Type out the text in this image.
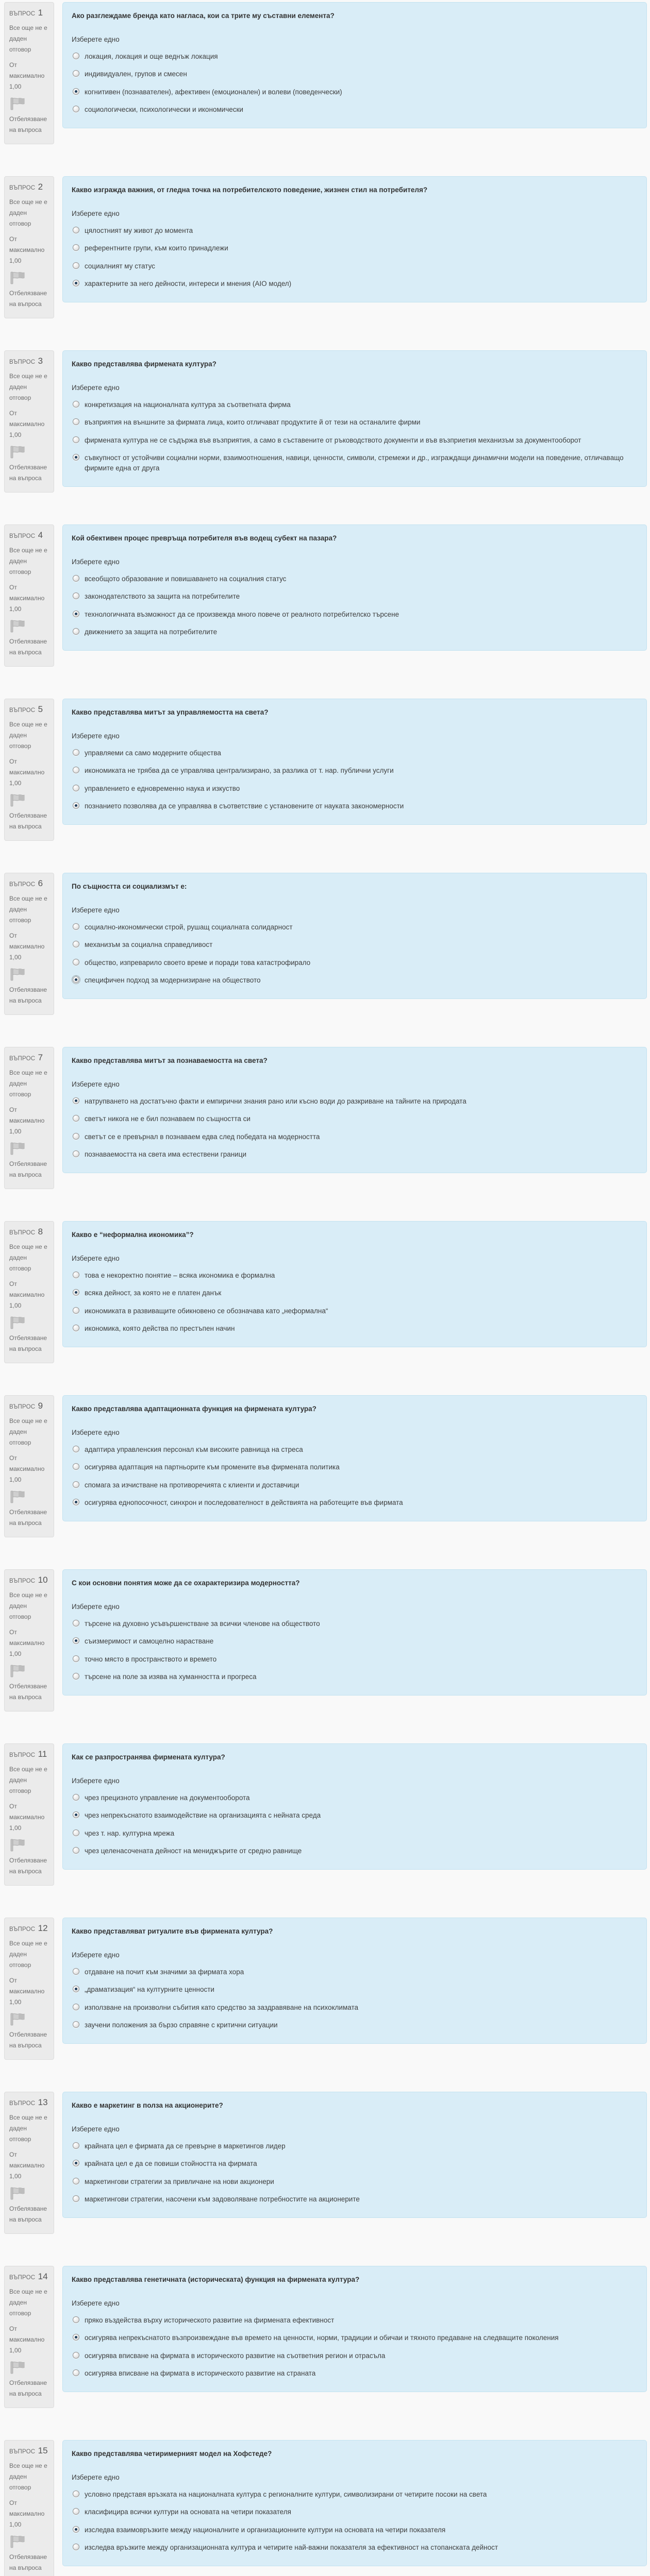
ВЪПРОС 1
Все още не е даден отговор
От максимално 1,00
Отбелязване на въпроса
Ако разглеждаме бренда като нагласа, кои са трите му съставни елемента?
Изберете едно
локация, локация и още веднъж локация
индивидуален, групов и смесен
когнитивен (познавателен), афективен (емоционален) и волеви (поведенчески)
социологически, психологически и икономически
ВЪПРОС 2
Все още не е даден отговор
От максимално 1,00
Отбелязване на въпроса
Какво изгражда важния, от гледна точка на потребителското поведение, жизнен стил на потребителя?
Изберете едно
цялостният му живот до момента
референтните групи, към които принадлежи
социалният му статус
характерните за него дейности, интереси и мнения (AIO модел)
ВЪПРОС 3
Все още не е даден отговор
От максимално 1,00
Отбелязване на въпроса
Какво представлява фирмената култура?
Изберете едно
конкретизация на националната култура за съответната фирма
възприятия на външните за фирмата лица, които отличават продуктите й от тези на останалите фирми
фирмената култура не се съдържа във възприятия, а само в съставените от ръководството документи и във възприетия механизъм за документооборот
съвкупност от устойчиви социални норми, взаимоотношения, навици, ценности, символи, стремежи и др., изграждащи динамични модели на поведение, отличаващо фирмите една от друга
ВЪПРОС 4
Все още не е даден отговор
От максимално 1,00
Отбелязване на въпроса
Кой обективен процес превръща потребителя във водещ субект на пазара?
Изберете едно
всеобщото образование и повишаването на социалния статус
законодателството за защита на потребителите
технологичната възможност да се произвежда много повече от реалното потребителско търсене
движението за защита на потребителите
ВЪПРОС 5
Все още не е даден отговор
От максимално 1,00
Отбелязване на въпроса
Какво представлява митът за управляемостта на света?
Изберете едно
управляеми са само модерните общества
икономиката не трябва да се управлява централизирано, за разлика от т. нар. публични услуги
управлението е едновременно наука и изкуство
познанието позволява да се управлява в съответствие с установените от науката закономерности
ВЪПРОС 6
Все още не е даден отговор
От максимално 1,00
Отбелязване на въпроса
По същността си социализмът е:
Изберете едно
социално-икономически строй, рушащ социалната солидарност
механизъм за социална справедливост
общество, изпреварило своето време и поради това катастрофирало
специфичен подход за модернизиране на обществото
ВЪПРОС 7
Все още не е даден отговор
От максимално 1,00
Отбелязване на въпроса
Какво представлява митът за познаваемостта на света?
Изберете едно
натрупването на достатъчно факти и емпирични знания рано или късно води до разкриване на тайните на природата
светът никога не е бил познаваем по същността си
светът се е превърнал в познаваем едва след победата на модерността
познаваемостта на света има естествени граници
ВЪПРОС 8
Все още не е даден отговор
От максимално 1,00
Отбелязване на въпроса
Какво е “неформална икономика”?
Изберете едно
това е некоректно понятие – всяка икономика е формална
всяка дейност, за която не е платен данък
икономиката в развиващите обикновено се обозначава като „неформална“
икономика, която действа по престъпен начин
ВЪПРОС 9
Все още не е даден отговор
От максимално 1,00
Отбелязване на въпроса
Какво представлява адаптационната функция на фирмената култура?
Изберете едно
адаптира управленския персонал към високите равнища на стреса
осигурява адаптация на партньорите към промените във фирмената политика
спомага за изчистване на противоречията с клиенти и доставчици
осигурява еднопосочност, синхрон и последователност в действията на работещите във фирмата
ВЪПРОС 10
Все още не е даден отговор
От максимално 1,00
Отбелязване на въпроса
С кои основни понятия може да се охарактеризира модерността?
Изберете едно
търсене на духовно усъвършенстване за всички членове на обществото
съизмеримост и самоцелно нарастване
точно място в пространството и времето
търсене на поле за изява на хуманността и прогреса
ВЪПРОС 11
Все още не е даден отговор
От максимално 1,00
Отбелязване на въпроса
Как се разпространява фирмената култура?
Изберете едно
чрез прецизното управление на документооборота
чрез непрекъснатото взаимодействие на организацията с нейната среда
чрез т. нар. културна мрежа
чрез целенасочената дейност на мениджърите от средно равнище
ВЪПРОС 12
Все още не е даден отговор
От максимално 1,00
Отбелязване на въпроса
Какво представляват ритуалите във фирмената култура?
Изберете едно
отдаване на почит към значими за фирмата хора
„драматизация“ на културните ценности
използване на произволни събития като средство за заздравяване на психоклимата
заучени положения за бързо справяне с критични ситуации
ВЪПРОС 13
Все още не е даден отговор
От максимално 1,00
Отбелязване на въпроса
Какво е маркетинг в полза на акционерите?
Изберете едно
крайната цел е фирмата да се превърне в маркетингов лидер
крайната цел е да се повиши стойността на фирмата
маркетингови стратегии за привличане на нови акционери
маркетингови стратегии, насочени към задоволяване потребностите на акционерите
ВЪПРОС 14
Все още не е даден отговор
От максимално 1,00
Отбелязване на въпроса
Какво представлява генетичната (историческата) функция на фирмената култура?
Изберете едно
пряко въздейства върху историческото развитие на фирмената ефективност
осигурява непрекъснатото възпроизвеждане във времето на ценности, норми, традиции и обичаи и тяхното предаване на следващите поколения
осигурява вписване на фирмата в историческото развитие на съответния регион и отрасъла
осигурява вписване на фирмата в историческото развитие на страната
ВЪПРОС 15
Все още не е даден отговор
От максимално 1,00
Отбелязване на въпроса
Какво представлява четиримерният модел на Хофстеде?
Изберете едно
условно представя връзката на националната култура с регионалните култури, символизирани от четирите посоки на света
класифицира всички култури на основата на четири показателя
изследва взаимовръзките между националните и организационните култури на основата на четири показателя
изследва връзките между организационната култура и четирите най-важни показателя за ефективност на стопанската дейност
